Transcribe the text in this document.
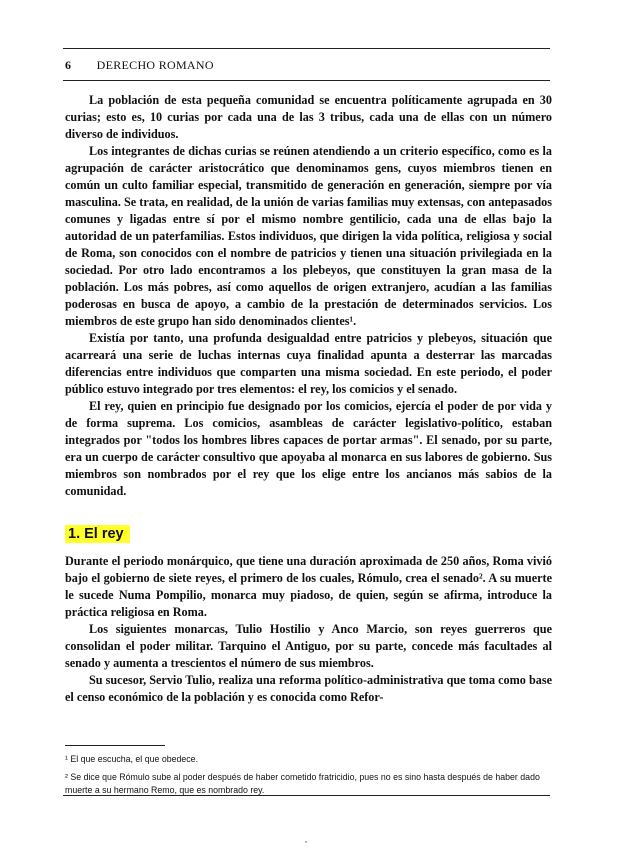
6 DERECHO ROMANO

La población de esta pequeña comunidad se encuentra políticamente agrupada en 30 curias; esto es, 10 curias por cada una de las 3 tribus, cada una de ellas con un número diverso de individuos.

Los integrantes de dichas curias se reúnen atendiendo a un criterio específico, como es la agrupación de carácter aristocrático que denominamos gens, cuyos miembros tienen en común un culto familiar especial, transmitido de generación en generación, siempre por vía masculina. Se trata, en realidad, de la unión de varias familias muy extensas, con antepasados comunes y ligadas entre sí por el mismo nombre gentilicio, cada una de ellas bajo la autoridad de un paterfamilias. Estos individuos, que dirigen la vida política, religiosa y social de Roma, son conocidos con el nombre de patricios y tienen una situación privilegiada en la sociedad. Por otro lado encontramos a los plebeyos, que constituyen la gran masa de la población. Los más pobres, así como aquellos de origen extranjero, acudían a las familias poderosas en busca de apoyo, a cambio de la prestación de determinados servicios. Los miembros de este grupo han sido denominados clientes¹.

Existía por tanto, una profunda desigualdad entre patricios y plebeyos, situación que acarreará una serie de luchas internas cuya finalidad apunta a desterrar las marcadas diferencias entre individuos que comparten una misma sociedad. En este periodo, el poder público estuvo integrado por tres elementos: el rey, los comicios y el senado.

El rey, quien en principio fue designado por los comicios, ejercía el poder de por vida y de forma suprema. Los comicios, asambleas de carácter legislativo-político, estaban integrados por "todos los hombres libres capaces de portar armas". El senado, por su parte, era un cuerpo de carácter consultivo que apoyaba al monarca en sus labores de gobierno. Sus miembros son nombrados por el rey que los elige entre los ancianos más sabios de la comunidad.

1. El rey

Durante el periodo monárquico, que tiene una duración aproximada de 250 años, Roma vivió bajo el gobierno de siete reyes, el primero de los cuales, Rómulo, crea el senado². A su muerte le sucede Numa Pompilio, monarca muy piadoso, de quien, según se afirma, introduce la práctica religiosa en Roma.

Los siguientes monarcas, Tulio Hostilio y Anco Marcio, son reyes guerreros que consolidan el poder militar. Tarquino el Antiguo, por su parte, concede más facultades al senado y aumenta a trescientos el número de sus miembros.

Su sucesor, Servio Tulio, realiza una reforma político-administrativa que toma como base el censo económico de la población y es conocida como Refor-

¹ El que escucha, el que obedece.

² Se dice que Rómulo sube al poder después de haber cometido fratricidio, pues no es sino hasta después de haber dado muerte a su hermano Remo, que es nombrado rey.

,
